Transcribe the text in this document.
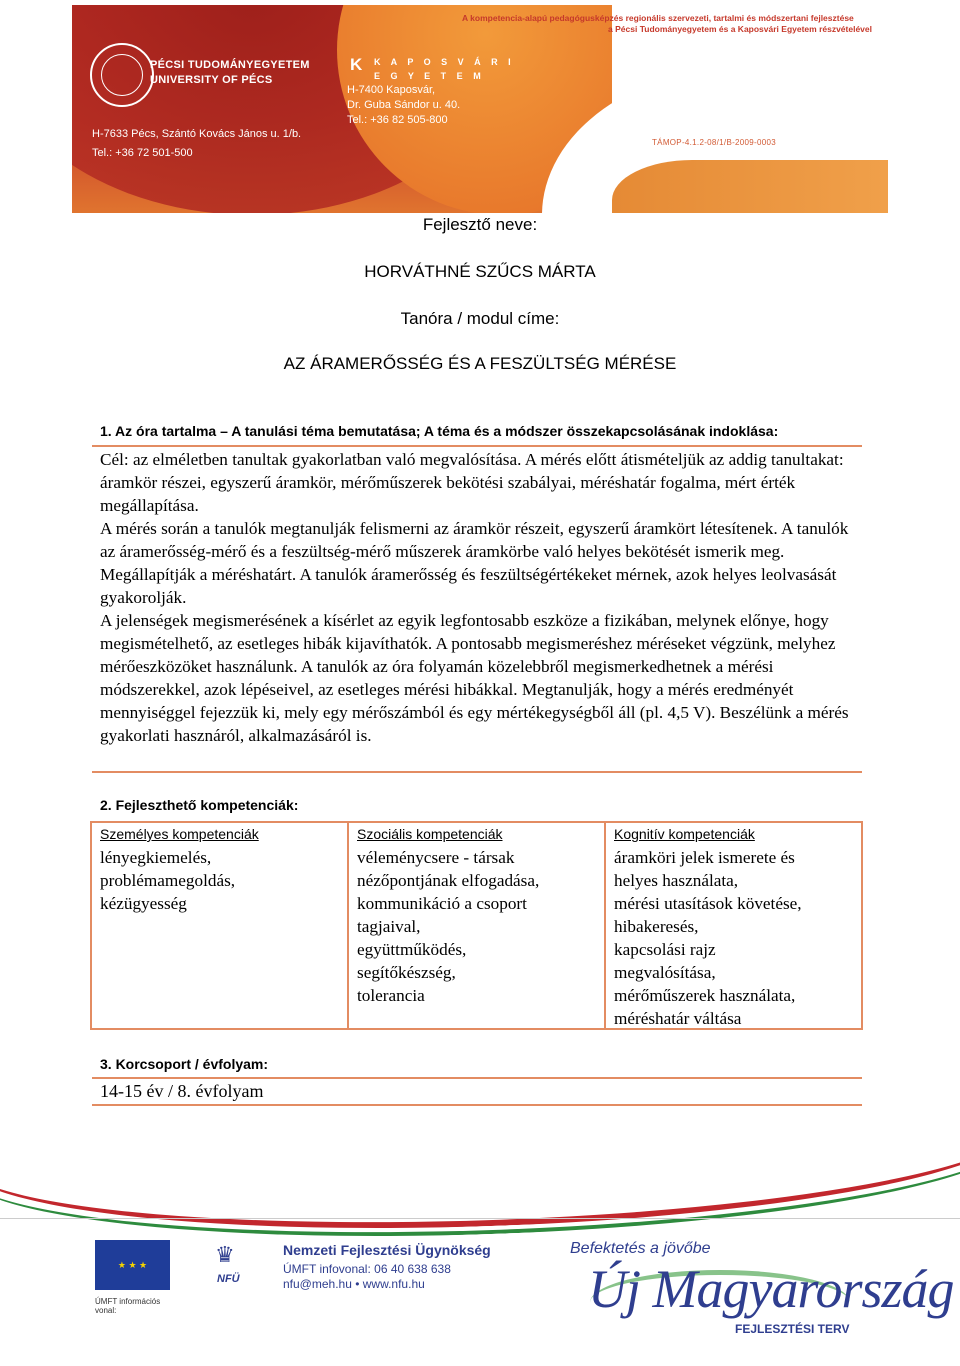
A kompetencia-alapú pedagógusképzés regionális szervezeti, tartalmi és módszertani fejlesztése
a Pécsi Tudományegyetem és a Kaposvári Egyetem részvételével
PÉCSI TUDOMÁNYEGYETEM
UNIVERSITY OF PÉCS
H-7633 Pécs, Szántó Kovács János u. 1/b.
Tel.: +36 72 501-500
K K A P O S V Á R I
E G Y E T E M
H-7400 Kaposvár,
Dr. Guba Sándor u. 40.
Tel.: +36 82 505-800
TÁMOP-4.1.2-08/1/B-2009-0003
Fejlesztő neve:
HORVÁTHNÉ SZŰCS MÁRTA
Tanóra / modul címe:
AZ ÁRAMERŐSSÉG ÉS A FESZÜLTSÉG MÉRÉSE
1. Az óra tartalma – A tanulási téma bemutatása; A téma és a módszer összekapcsolásának indoklása:

Cél: az elméletben tanultak gyakorlatban való megvalósítása. A mérés előtt átismételjük az addig tanultakat: áramkör részei, egyszerű áramkör, mérőműszerek bekötési szabályai, méréshatár fogalma, mért érték megállapítása.

A mérés során a tanulók megtanulják felismerni az áramkör részeit, egyszerű áramkört létesítenek. A tanulók az áramerősség-mérő és a feszültség-mérő műszerek áramkörbe való helyes bekötését ismerik meg. Megállapítják a méréshatárt. A tanulók áramerősség és feszültségértékeket mérnek, azok helyes leolvasását gyakorolják.

A jelenségek megismerésének a kísérlet az egyik legfontosabb eszköze a fizikában, melynek előnye, hogy megismételhető, az esetleges hibák kijavíthatók. A pontosabb megismeréshez méréseket végzünk, melyhez mérőeszközöket használunk. A tanulók az óra folyamán közelebbről megismerkedhetnek a mérési módszerekkel, azok lépéseivel, az esetleges mérési hibákkal. Megtanulják, hogy a mérés eredményét mennyiséggel fejezzük ki, mely egy mérőszámból és egy mértékegységből áll (pl. 4,5 V). Beszélünk a mérés gyakorlati hasznáról, alkalmazásáról is.

2. Fejleszthető kompetenciák:
Személyes kompetenciák
lényegkiemelés,
problémamegoldás,
kézügyesség
Szociális kompetenciák
véleménycsere - társak
nézőpontjának elfogadása,
kommunikáció a csoport
tagjaival,
együttműködés,
segítőkészség,
tolerancia
Kognitív kompetenciák
áramköri jelek ismerete és
helyes használata,
mérési utasítások követése,
hibakeresés,
kapcsolási rajz
megvalósítása,
mérőműszerek használata,
méréshatár váltása
3. Korcsoport / évfolyam:
14-15 év / 8. évfolyam
★ ★ ★
ÚMFT információs vonal:
♛
NFÜ
Nemzeti Fejlesztési Ügynökség
ÚMFT infovonal: 06 40 638 638
nfu@meh.hu • www.nfu.hu
Befektetés a jövőbe
Új Magyarország
FEJLESZTÉSI TERV
